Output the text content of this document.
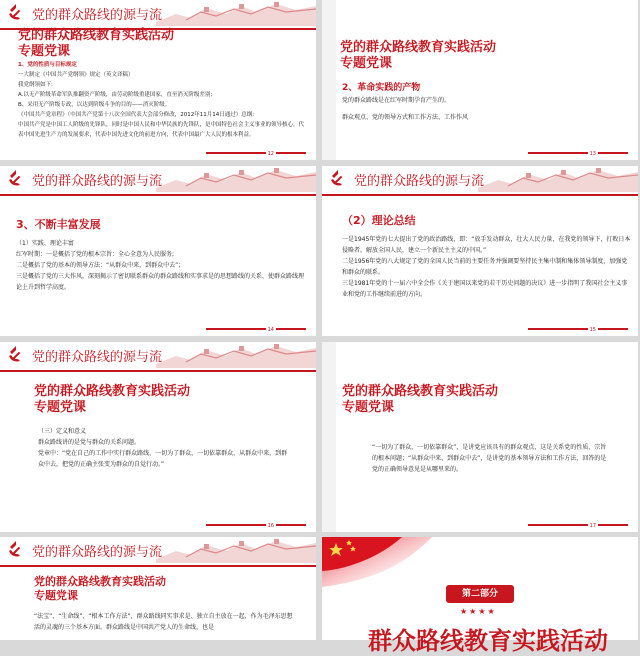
党的群众路线的源与流
党的群众路线教育实践活动
专题党课

1、党的性质与目标规定

一大制定《中国共产党纲领》规定（英文译稿）

我党纲领如下:

A.以无产阶级革命军队推翻资产阶级，由劳动阶级重建国家，直至消灭阶级差别;

B、采用无产阶级专政，以达到阶级斗争的目的——消灭阶级。

《中国共产党章程》（中国共产党第十八次全国代表大会部分修改，2012年11月14日通过）总纲:

中国共产党是中国工人阶级的先锋队，同时是中国人民和中华民族的先锋队，是中国特色社会主义事业的领导核心，代表中国先进生产力的发展要求，代表中国先进文化的前进方向，代表中国最广大人民的根本利益。

12
党的群众路线教育实践活动
专题党课
2、革命实践的产物

党的群众路线是在红军时期孕育产生的。

群众观点、党的领导方式和工作方法、工作作风

13
党的群众路线的源与流
3、不断丰富发展

（1）实践、理论丰富

红军时期：一是概括了党的根本宗旨：全心全意为人民服务;

二是概括了党的基本的领导方法：“从群众中来，到群众中去”；

三是概括了党的三大作风，深刻揭示了密切联系群众的群众路线和实事求是的思想路线的关系，使群众路线理论上升到哲学高度。

14
党的群众路线的源与流
（2）理论总结

一是1945年党的七大提出了党的政治路线，即：“放手发动群众，壮大人民力量，在我党的领导下，打败日本侵略者，解放全国人民，建立一个新民主主义的中国。”

二是1956年党的八大规定了党的全国人民当前的主要任务并强调要坚持民主集中制和集体领导制度，加强党和群众的联系。

三是1981年党的十一届六中全会作《关于建国以来党的若干历史问题的决议》进一步指明了我国社会主义事业和党的工作继续前进的方向。

15
党的群众路线的源与流
党的群众路线教育实践活动
专题党课

（三）定义和意义

群众路线讲的是党与群众的关系问题。

党章中：“党在自己的工作中实行群众路线，一切为了群众，一切依靠群众，从群众中来，到群众中去，把党的正确主张变为群众的自觉行动。”

16
党的群众路线教育实践活动
专题党课

“一切为了群众，一切依靠群众”，是讲党应该具有的群众观点，这是关系党的性质、宗旨的根本问题；“从群众中来，到群众中去”，是讲党的基本领导方法和工作方法，回答的是党的正确领导意见是从哪里来的。

17
党的群众路线的源与流
党的群众路线教育实践活动
专题党课

“法宝”、“生命线”、“根本工作方法”，群众路线同实事求是、独立自主放在一起，作为毛泽东思想活的灵魂的三个基本方面。群众路线是中国共产党人的生命线，也是

第二部分
★★★★
群众路线教育实践活动
